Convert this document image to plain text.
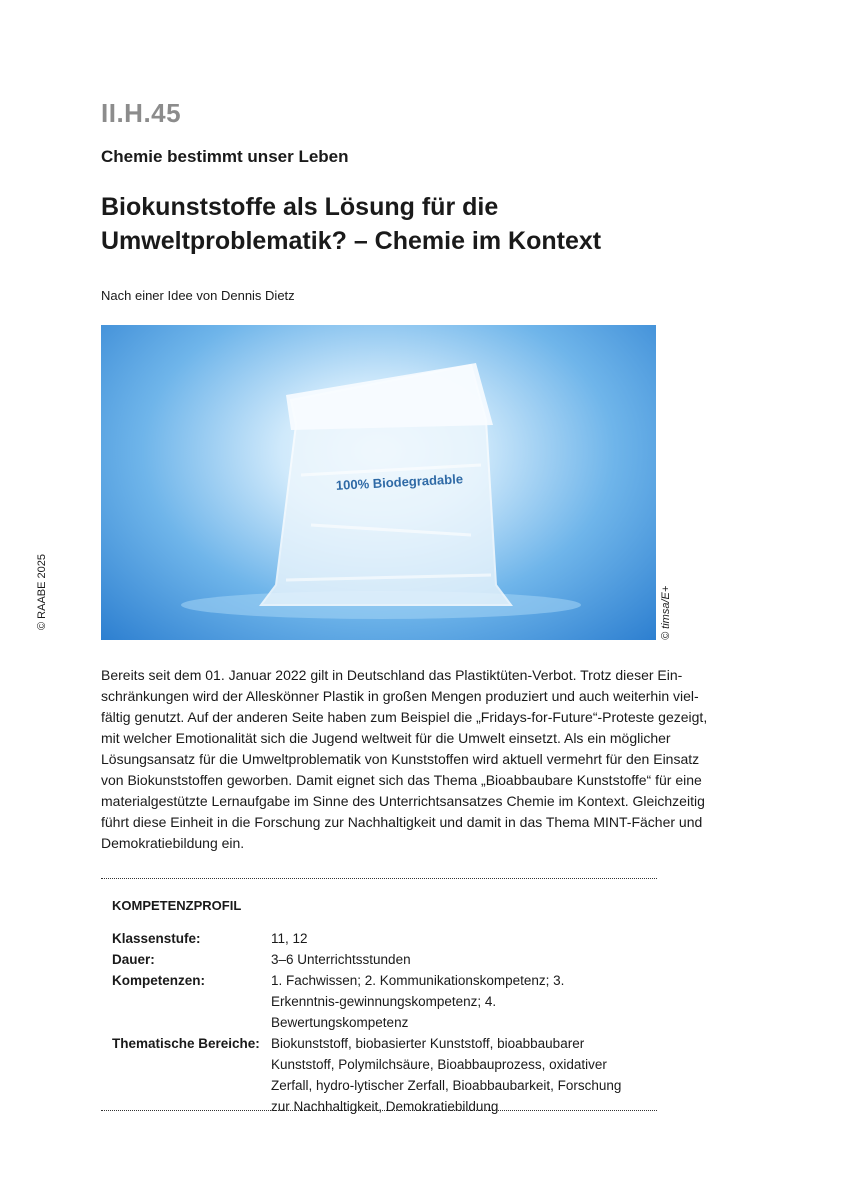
II.H.45
Chemie bestimmt unser Leben
Biokunststoffe als Lösung für die
Umweltproblematik? – Chemie im Kontext
Nach einer Idee von Dennis Dietz
100% Biodegradable
© timsa/E+
© RAABE 2025
Bereits seit dem 01. Januar 2022 gilt in Deutschland das Plastiktüten-Verbot. Trotz dieser Ein-
schränkungen wird der Alleskönner Plastik in großen Mengen produziert und auch weiterhin viel-
fältig genutzt. Auf der anderen Seite haben zum Beispiel die „Fridays-for-Future“-Proteste gezeigt,
mit welcher Emotionalität sich die Jugend weltweit für die Umwelt einsetzt. Als ein möglicher
Lösungsansatz für die Umweltproblematik von Kunststoffen wird aktuell vermehrt für den Einsatz
von Biokunststoffen geworben. Damit eignet sich das Thema „Bioabbaubare Kunststoffe“ für eine
materialgestützte Lernaufgabe im Sinne des Unterrichtsansatzes Chemie im Kontext. Gleichzeitig
führt diese Einheit in die Forschung zur Nachhaltigkeit und damit in das Thema MINT-Fächer und
Demokratiebildung ein.
KOMPETENZPROFIL
Klassenstufe:	11, 12
Dauer:	3–6 Unterrichtsstunden
Kompetenzen:	1. Fachwissen; 2. Kommunikationskompetenz; 3. Erkenntnis-gewinnungskompetenz; 4. Bewertungskompetenz
Thematische Bereiche: Biokunststoff, biobasierter Kunststoff, bioabbaubarer Kunststoff, Polymilchsäure, Bioabbauprozess, oxidativer Zerfall, hydro-lytischer Zerfall, Bioabbaubarkeit, Forschung zur Nachhaltigkeit, Demokratiebildung
